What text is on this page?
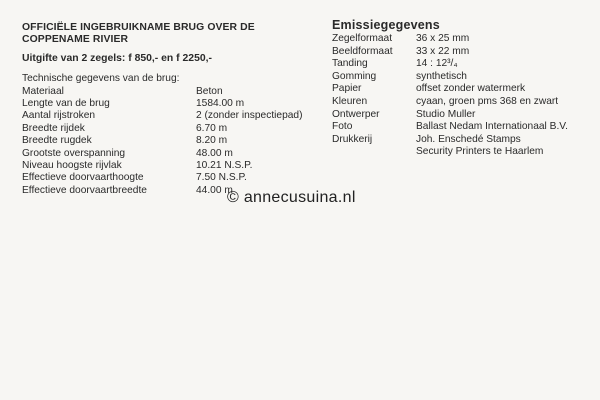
OFFICIËLE INGEBRUIKNAME BRUG OVER DE
COPPENAME RIVIER
Uitgifte van 2 zegels: f 850,- en f 2250,-
Technische gegevens van de brug:
Materiaal	Beton
Lengte van de brug	1584.00 m
Aantal rijstroken	2 (zonder inspectiepad)
Breedte rijdek	6.70 m
Breedte rugdek	8.20 m
Grootste overspanning	48.00 m
Niveau hoogste rijvlak	10.21 N.S.P.
Effectieve doorvaarthoogte	7.50 N.S.P.
Effectieve doorvaartbreedte	44.00 m
Emissiegegevens
Zegelformaat	36 x 25 mm
Beeldformaat	33 x 22 mm
Tanding	14 : 12³/₄
Gomming	synthetisch
Papier	offset zonder watermerk
Kleuren	cyaan, groen pms 368 en zwart
Ontwerper	Studio Muller
Foto	Ballast Nedam Internationaal B.V.
Drukkerij	Joh. Enschedé Stamps
Security Printers te Haarlem
© annecusuina.nl
